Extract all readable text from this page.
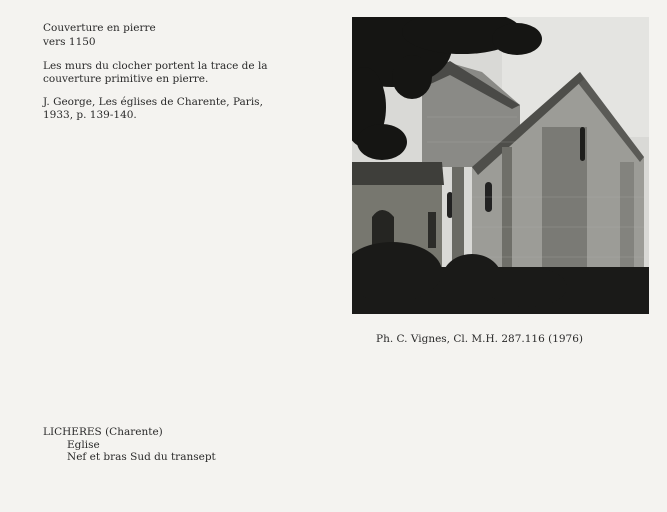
Couverture en pierre
vers 1150
Les murs du clocher portent la trace de la
couverture primitive en pierre.
J. George, Les églises de Charente, Paris,
1933, p. 139-140.
Ph. C. Vignes, Cl. M.H. 287.116 (1976)
LICHERES (Charente)
Eglise
Nef et bras Sud du transept
